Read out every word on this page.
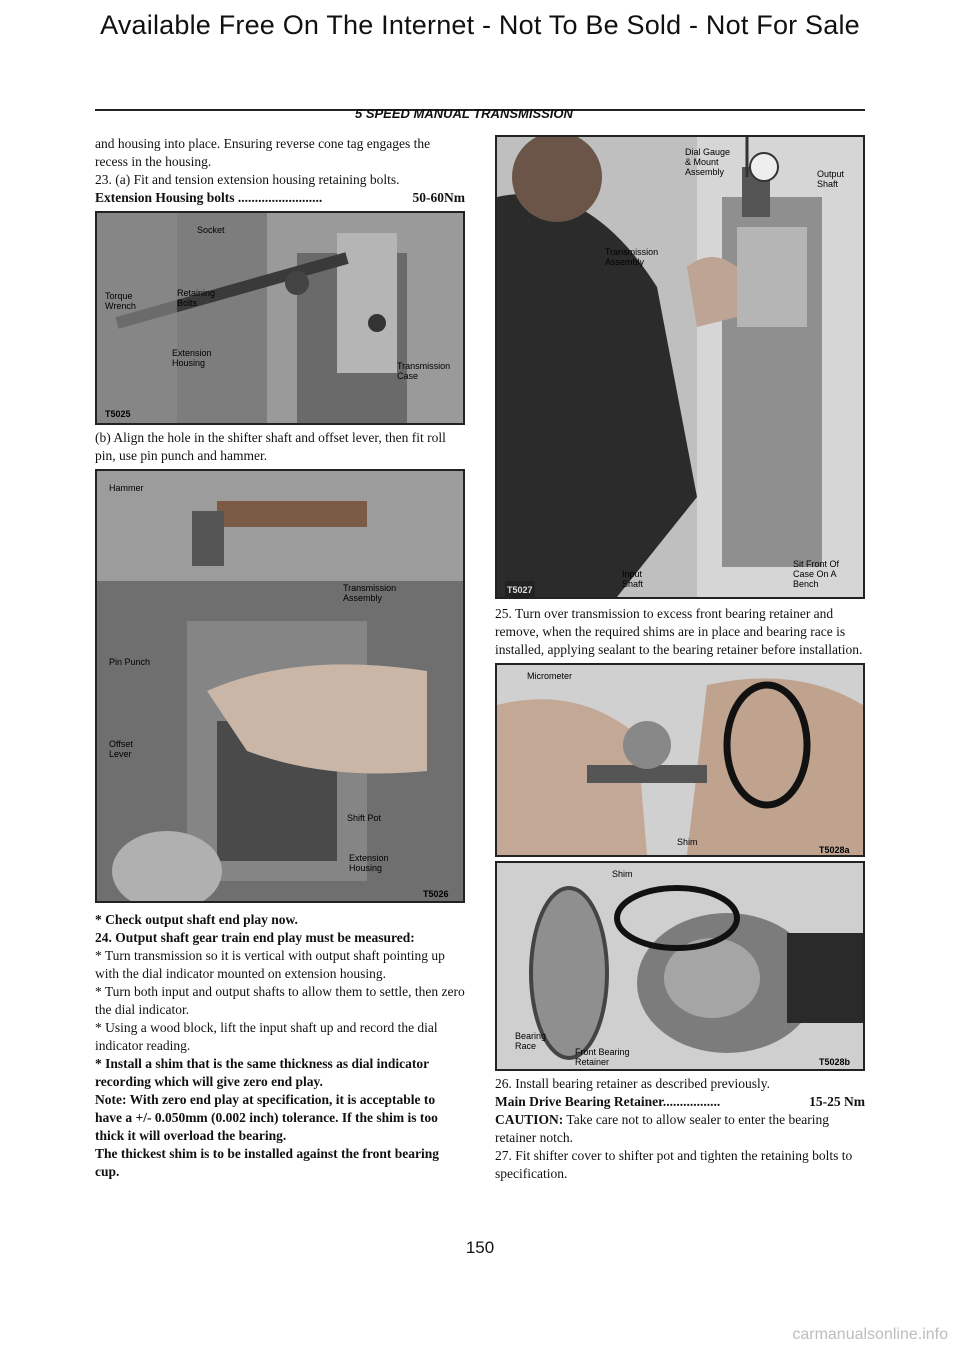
Available Free On The Internet - Not To Be Sold - Not For Sale
5 SPEED MANUAL TRANSMISSION

and housing into place. Ensuring reverse cone tag engages the recess in the housing.

23. (a) Fit and tension extension housing retaining bolts.

Extension Housing bolts .........................	50-60Nm

Socket
Torque
Wrench
Retaining
Bolts
Extension
Housing	Transmission
Case
T5025

(b) Align the hole in the shifter shaft and offset lever, then fit roll pin, use pin punch and hammer.

Hammer
Transmission
Assembly
Pin Punch
Offset
Lever
Shift Pot
Extension
Housing
T5026

* Check output shaft end play now.

24. Output shaft gear train end play must be measured:

* Turn transmission so it is vertical with output shaft pointing up with the dial indicator mounted on extension housing.

* Turn both input and output shafts to allow them to settle, then zero the dial indicator.

* Using a wood block, lift the input shaft up and record the dial indicator reading.

* Install a shim that is the same thickness as dial indicator recording which will give zero end play.

Note: With zero end play at specification, it is acceptable to have a +/- 0.050mm (0.002 inch) tolerance. If the shim is too thick it will overload the bearing.

The thickest shim is to be installed against the front bearing cup.

Dial Gauge
& Mount
Assembly	Output
Shaft
Transmission
Assembly
Input
Shaft
Sit Front Of
Case On A
Bench
T5027

25. Turn over transmission to excess front bearing retainer and remove, when the required shims are in place and bearing race is installed, applying sealant to the bearing retainer before installation.

Micrometer
Shim
T5028a
Shim
Bearing
Race
Front Bearing
Retainer	T5028b

26. Install bearing retainer as described previously.

Main Drive Bearing Retainer.................	15-25 Nm

CAUTION: Take care not to allow sealer to enter the bearing retainer notch.

27. Fit shifter cover to shifter pot and tighten the retaining bolts to specification.

150
carmanualsonline.info
